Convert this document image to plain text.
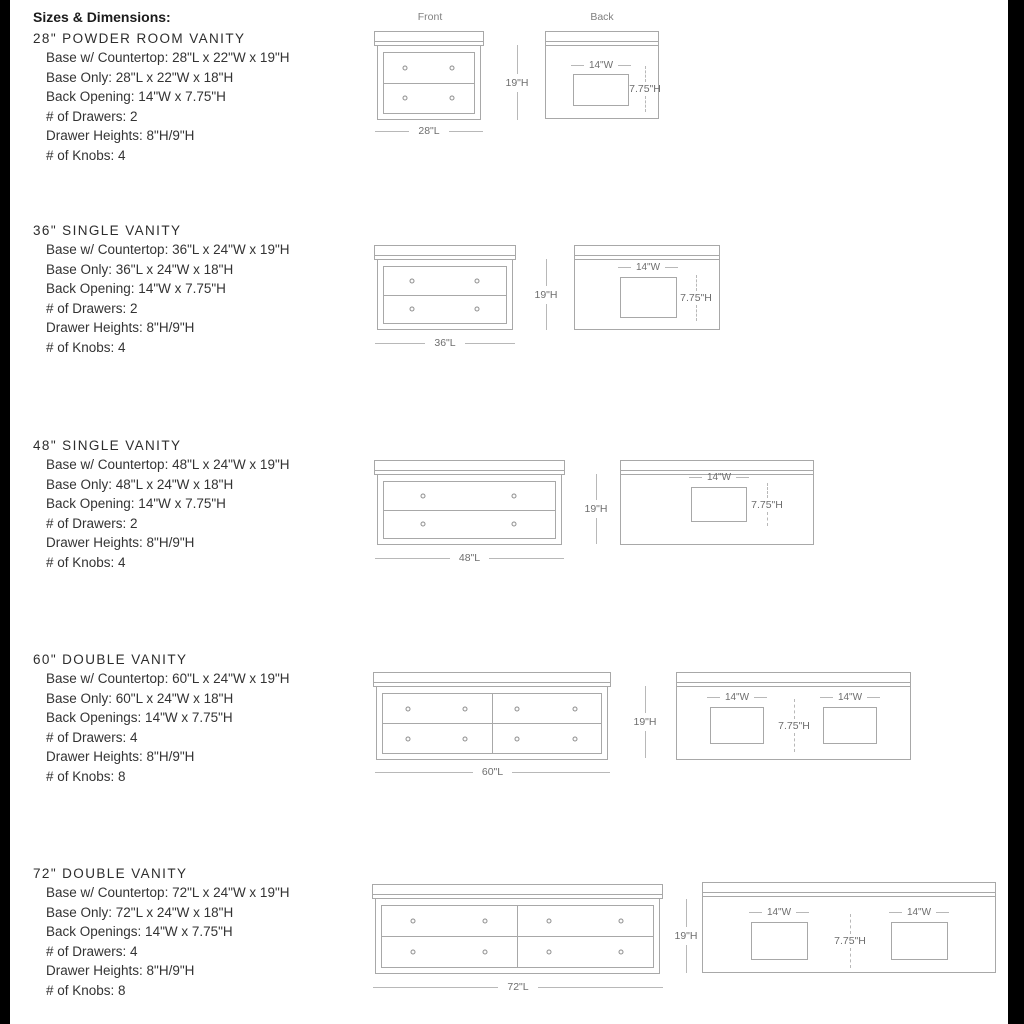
Sizes & Dimensions:	Front	Back
28" POWDER ROOM VANITY
Base w/ Countertop: 28"L x 22"W x 19"H
Base Only: 28"L x 22"W x 18"H
Back Opening: 14"W x 7.75"H
# of Drawers: 2
Drawer Heights: 8"H/9"H
# of Knobs: 4
19"H
28"L
14"W
7.75"H
36" SINGLE VANITY
Base w/ Countertop: 36"L x 24"W x 19"H
Base Only: 36"L x 24"W x 18"H
Back Opening: 14"W x 7.75"H
# of Drawers: 2
Drawer Heights: 8"H/9"H
# of Knobs: 4
19"H
36"L
14"W
7.75"H
48" SINGLE VANITY
Base w/ Countertop: 48"L x 24"W x 19"H
Base Only: 48"L x 24"W x 18"H
Back Opening: 14"W x 7.75"H
# of Drawers: 2
Drawer Heights: 8"H/9"H
# of Knobs: 4
19"H
48"L
14"W
7.75"H
60" DOUBLE VANITY
Base w/ Countertop: 60"L x 24"W x 19"H
Base Only: 60"L x 24"W x 18"H
Back Openings: 14"W x 7.75"H
# of Drawers: 4
Drawer Heights: 8"H/9"H
# of Knobs: 8
19"H
60"L
14"W	14"W
7.75"H
72" DOUBLE VANITY
Base w/ Countertop: 72"L x 24"W x 19"H
Base Only: 72"L x 24"W x 18"H
Back Openings: 14"W x 7.75"H
# of Drawers: 4
Drawer Heights: 8"H/9"H
# of Knobs: 8
19"H
72"L
14"W	14"W
7.75"H
